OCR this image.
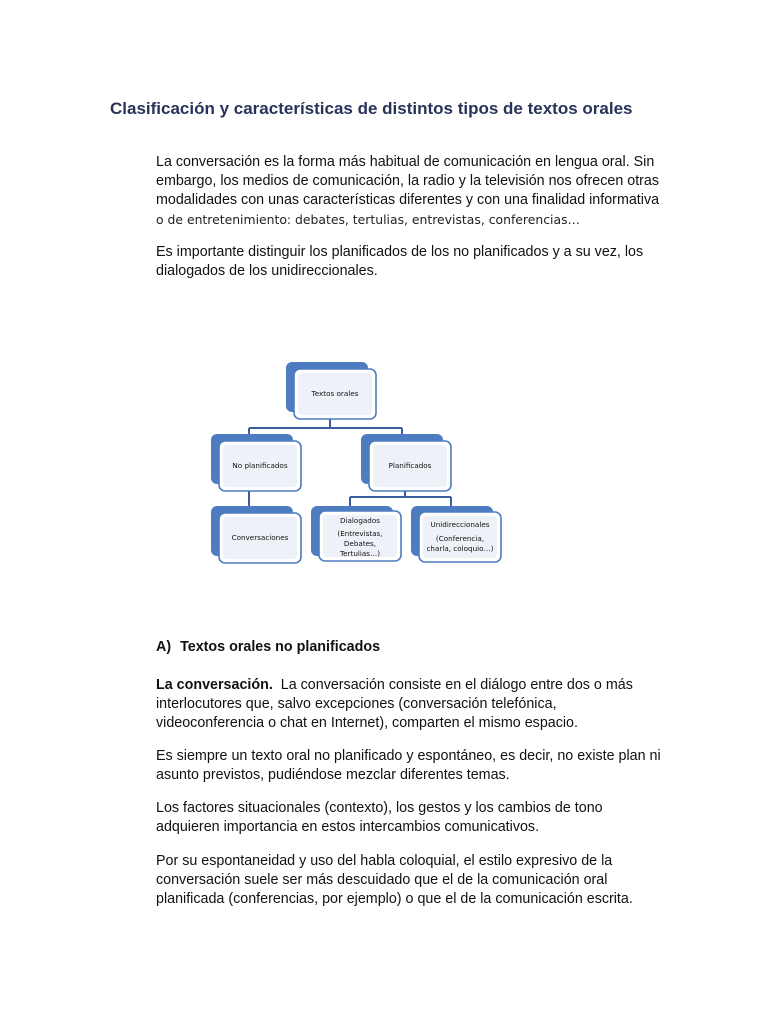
Clasificación y características de distintos tipos de textos orales

La conversación es la forma más habitual de comunicación en lengua oral. Sin
embargo, los medios de comunicación, la radio y la televisión nos ofrecen otras
modalidades con unas características diferentes y con una finalidad informativa
o de entretenimiento: debates, tertulias, entrevistas, conferencias…

Es importante distinguir los planificados de los no planificados y a su vez, los
dialogados de los unidireccionales.

Textos orales
No planificados	Planificados
Conversaciones
Dialogados
(Entrevistas,
Debates,
Tertulias…)
Unidireccionales
(Conferencia,
charla, coloquio…)
A) Textos orales no planificados

La conversación. La conversación consiste en el diálogo entre dos o más
interlocutores que, salvo excepciones (conversación telefónica,
videoconferencia o chat en Internet), comparten el mismo espacio.

Es siempre un texto oral no planificado y espontáneo, es decir, no existe plan ni
asunto previstos, pudiéndose mezclar diferentes temas.

Los factores situacionales (contexto), los gestos y los cambios de tono
adquieren importancia en estos intercambios comunicativos.

Por su espontaneidad y uso del habla coloquial, el estilo expresivo de la
conversación suele ser más descuidado que el de la comunicación oral
planificada (conferencias, por ejemplo) o que el de la comunicación escrita.
